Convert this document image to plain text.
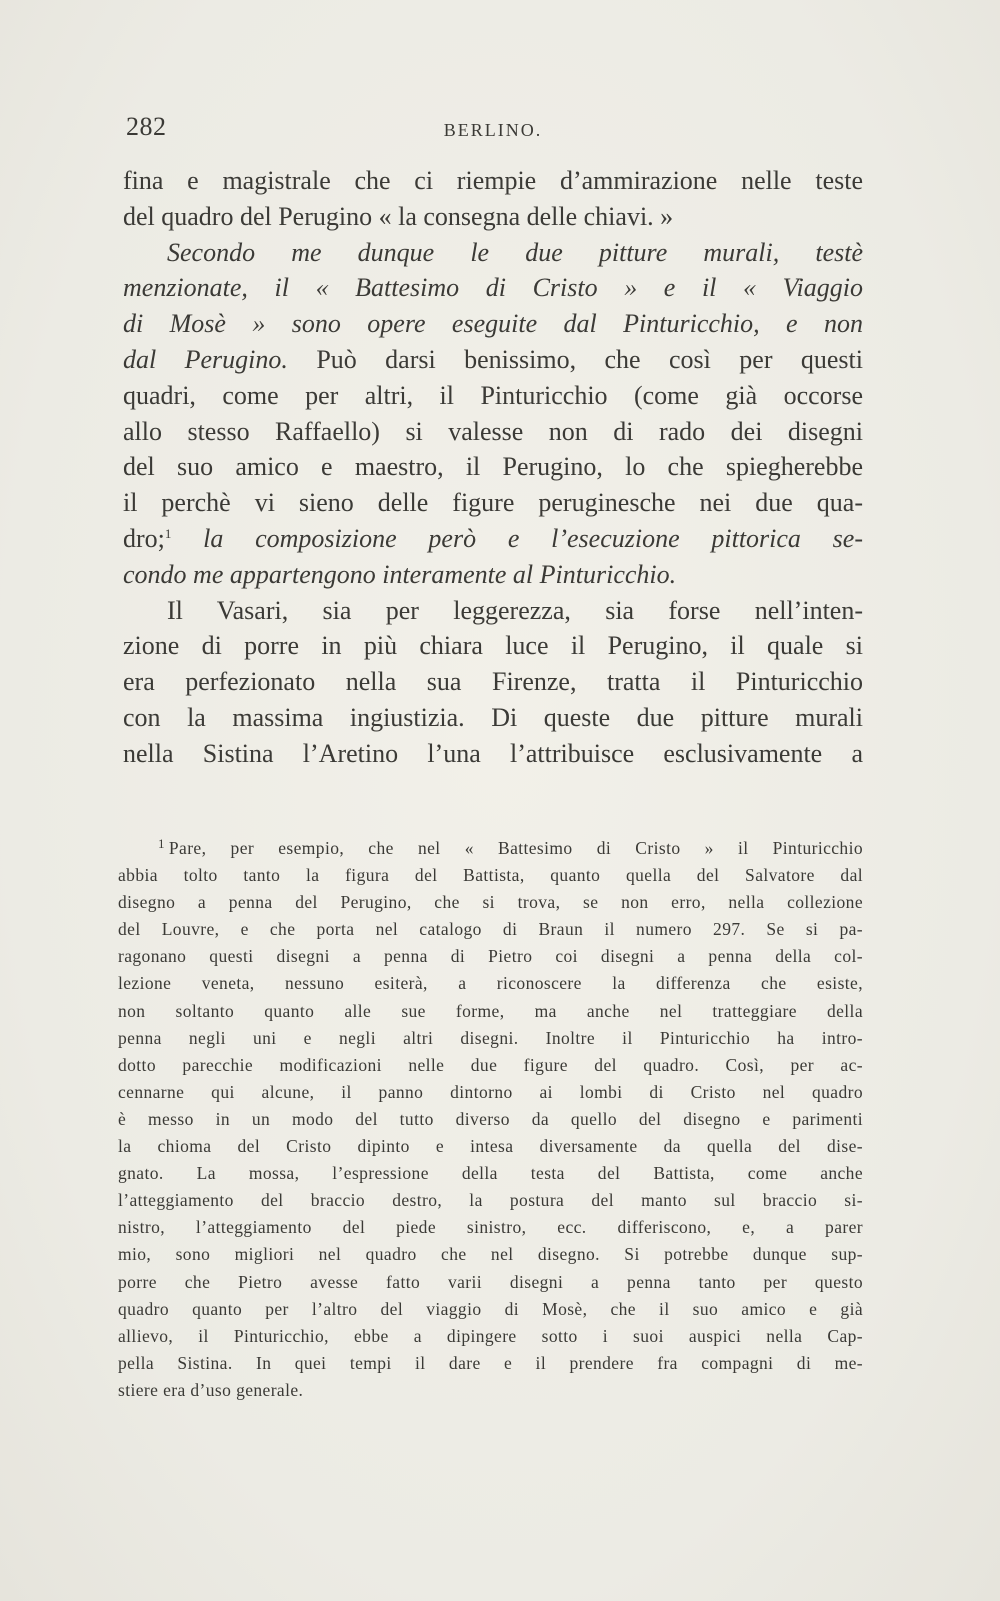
282	BERLINO.
fina e magistrale che ci riempie d’ammirazione nelle teste
del quadro del Perugino « la consegna delle chiavi. »
Secondo me dunque le due pitture murali, testè
menzionate, il « Battesimo di Cristo » e il « Viaggio
di Mosè » sono opere eseguite dal Pinturicchio, e non
dal Perugino. Può darsi benissimo, che così per questi
quadri, come per altri, il Pinturicchio (come già occorse
allo stesso Raffaello) si valesse non di rado dei disegni
del suo amico e maestro, il Perugino, lo che spiegherebbe
il perchè vi sieno delle figure peruginesche nei due qua-
dro;$^1$ la composizione però e l’esecuzione pittorica se-
condo me appartengono interamente al Pinturicchio.
Il Vasari, sia per leggerezza, sia forse nell’inten-
zione di porre in più chiara luce il Perugino, il quale si
era perfezionato nella sua Firenze, tratta il Pinturicchio
con la massima ingiustizia. Di queste due pitture murali
nella Sistina l’Aretino l’una l’attribuisce esclusivamente a
$^1$ Pare, per esempio, che nel « Battesimo di Cristo » il Pinturicchio
abbia tolto tanto la figura del Battista, quanto quella del Salvatore dal
disegno a penna del Perugino, che si trova, se non erro, nella collezione
del Louvre, e che porta nel catalogo di Braun il numero 297. Se si pa-
ragonano questi disegni a penna di Pietro coi disegni a penna della col-
lezione veneta, nessuno esiterà, a riconoscere la differenza che esiste,
non soltanto quanto alle sue forme, ma anche nel tratteggiare della
penna negli uni e negli altri disegni. Inoltre il Pinturicchio ha intro-
dotto parecchie modificazioni nelle due figure del quadro. Così, per ac-
cennarne qui alcune, il panno dintorno ai lombi di Cristo nel quadro
è messo in un modo del tutto diverso da quello del disegno e parimenti
la chioma del Cristo dipinto e intesa diversamente da quella del dise-
gnato. La mossa, l’espressione della testa del Battista, come anche
l’atteggiamento del braccio destro, la postura del manto sul braccio si-
nistro, l’atteggiamento del piede sinistro, ecc. differiscono, e, a parer
mio, sono migliori nel quadro che nel disegno. Si potrebbe dunque sup-
porre che Pietro avesse fatto varii disegni a penna tanto per questo
quadro quanto per l’altro del viaggio di Mosè, che il suo amico e già
allievo, il Pinturicchio, ebbe a dipingere sotto i suoi auspici nella Cap-
pella Sistina. In quei tempi il dare e il prendere fra compagni di me-
stiere era d’uso generale.
